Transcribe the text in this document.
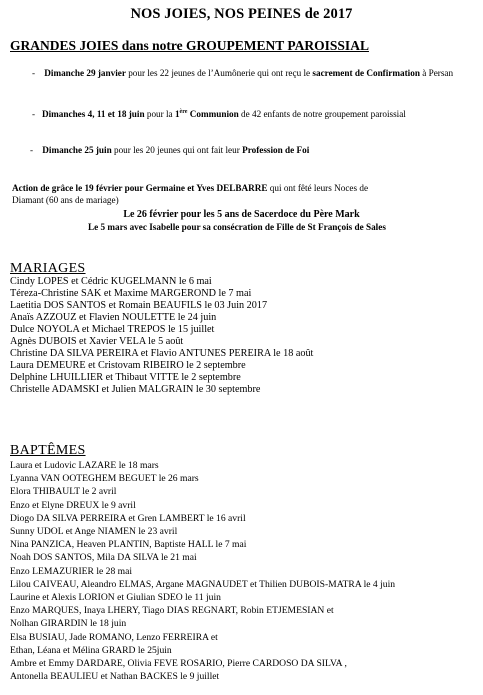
NOS JOIES, NOS PEINES de 2017
GRANDES JOIES dans notre GROUPEMENT PAROISSIAL
- Dimanche 29 janvier pour les 22 jeunes de l’Aumônerie qui ont reçu le sacrement de Confirmation à Persan
- Dimanches 4, 11 et 18 juin pour la 1ère Communion de 42 enfants de notre groupement paroissial
- Dimanche 25 juin pour les 20 jeunes qui ont fait leur Profession de Foi
Action de grâce le 19 février pour Germaine et Yves DELBARRE qui ont fêté leurs Noces de
Diamant (60 ans de mariage)
Le 26 février pour les 5 ans de Sacerdoce du Père Mark
Le 5 mars avec Isabelle pour sa consécration de Fille de St François de Sales
MARIAGES
Cindy LOPES et Cédric KUGELMANN le 6 mai
Téreza-Christine SAK et Maxime MARGEROND le 7 mai
Laetitia DOS SANTOS et Romain BEAUFILS le 03 Juin 2017
Anaïs AZZOUZ et Flavien NOULETTE le 24 juin
Dulce NOYOLA et Michael TREPOS le 15 juillet
Agnès DUBOIS et Xavier VELA le 5 août
Christine DA SILVA PEREIRA et Flavio ANTUNES PEREIRA le 18 août
Laura DEMEURE et Cristovam RIBEIRO le 2 septembre
Delphine LHUILLIER et Thibaut VITTE le 2 septembre
Christelle ADAMSKI et Julien MALGRAIN le 30 septembre
BAPTÊMES
Laura et Ludovic LAZARE le 18 mars
Lyanna VAN OOTEGHEM BEGUET le 26 mars
Elora THIBAULT le 2 avril
Enzo et Elyne DREUX le 9 avril
Diogo DA SILVA PERREIRA et Gren LAMBERT le 16 avril
Sunny UDOL et Ange NIAMEN le 23 avril
Nina PANZICA, Heaven PLANTIN, Baptiste HALL le 7 mai
Noah DOS SANTOS, Mila DA SILVA le 21 mai
Enzo LEMAZURIER le 28 mai
Lilou CAIVEAU, Aleandro ELMAS, Argane MAGNAUDET et Thilien DUBOIS-MATRA le 4 juin
Laurine et Alexis LORION et Giulian SDEO le 11 juin
Enzo MARQUES, Inaya LHERY, Tiago DIAS REGNART, Robin ETJEMESIAN et
Nolhan GIRARDIN le 18 juin
Elsa BUSIAU, Jade ROMANO, Lenzo FERREIRA et
Ethan, Léana et Mélina GRARD le 25juin
Ambre et Emmy DARDARE, Olivia FEVE ROSARIO, Pierre CARDOSO DA SILVA ,
Antonella BEAULIEU et Nathan BACKES le 9 juillet
